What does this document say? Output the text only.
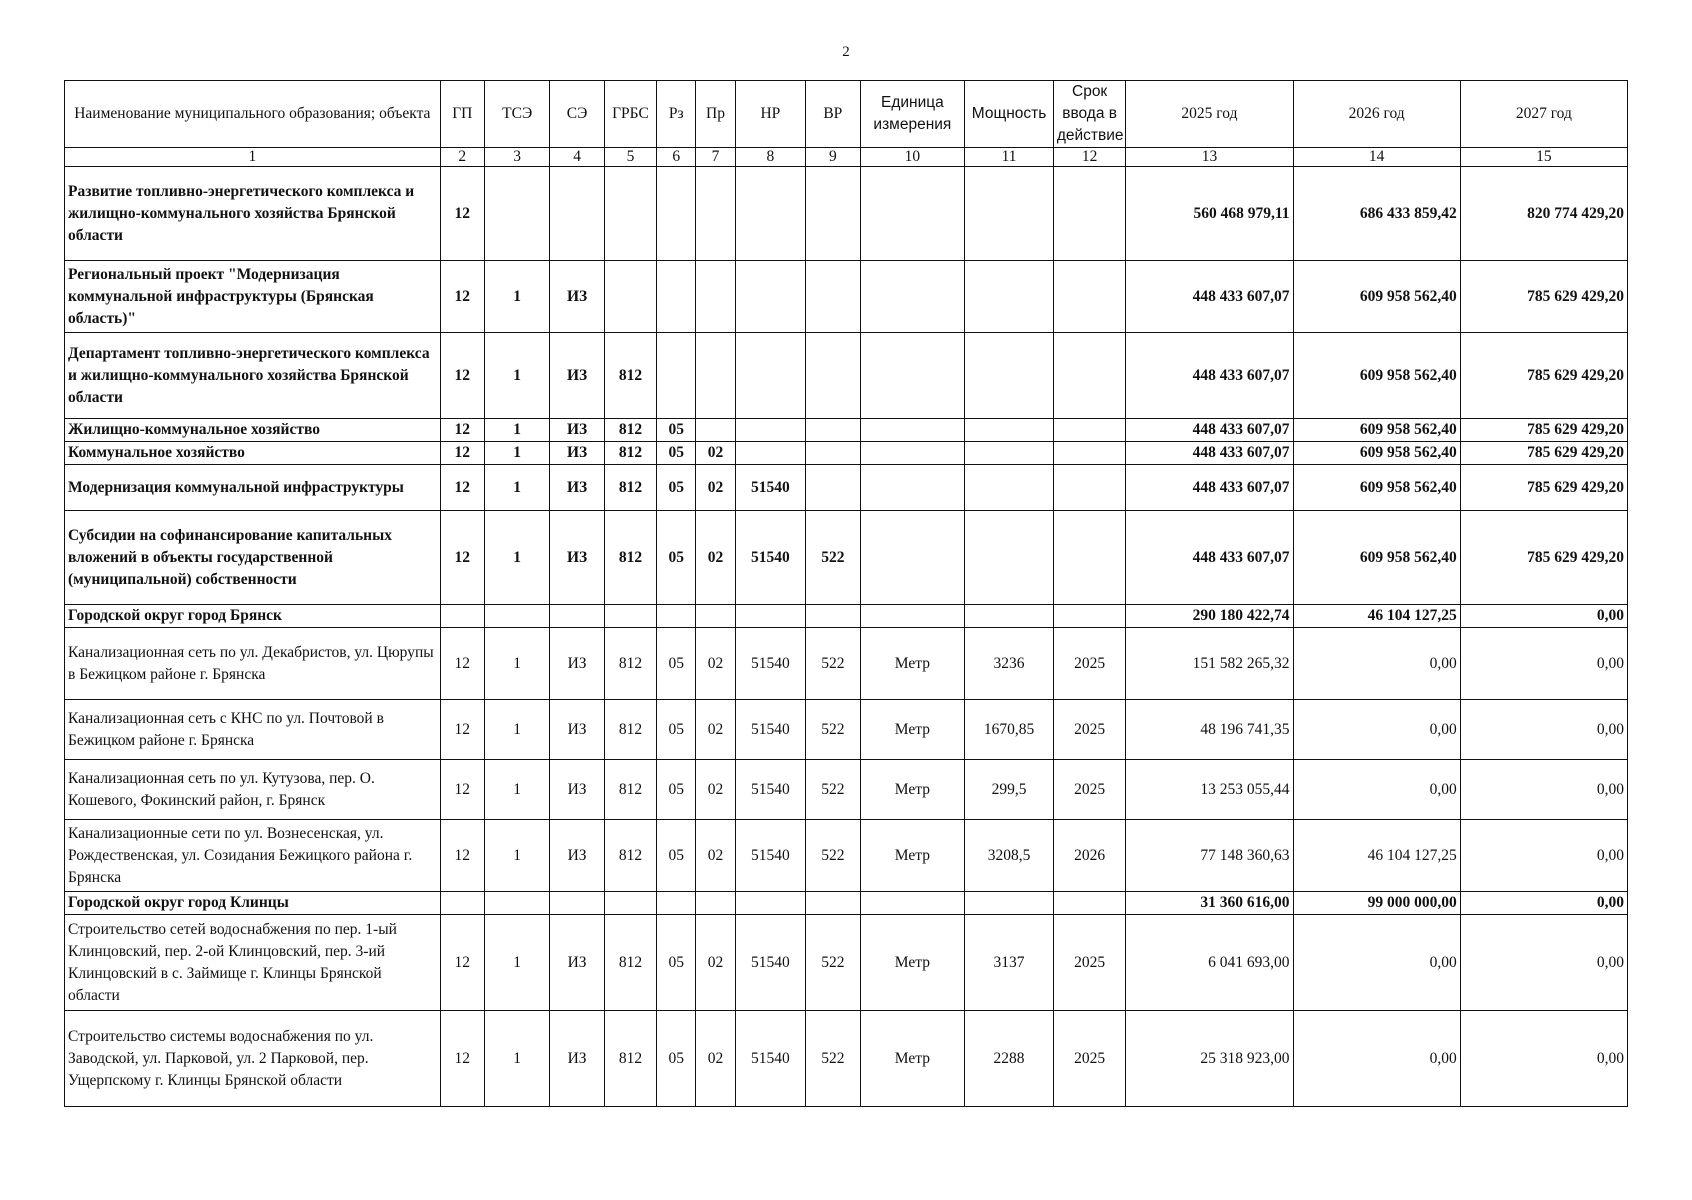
2
Наименование муниципального образования; объекта	ГП	ТСЭ	СЭ	ГРБС	Рз	Пр	НР	ВР	Единица измерения	Мощность	Срок ввода в действие	2025 год	2026 год	2027 год
1	2	3	4	5	6	7	8	9	10	11	12	13	14	15
Развитие топливно-энергетического комплекса и жилищно-коммунального хозяйства Брянской области	12											560 468 979,11	686 433 859,42	820 774 429,20
Региональный проект "Модернизация коммунальной инфраструктуры (Брянская область)"	12	1	ИЗ									448 433 607,07	609 958 562,40	785 629 429,20
Департамент топливно-энергетического комплекса и жилищно-коммунального хозяйства Брянской области	12	1	ИЗ	812								448 433 607,07	609 958 562,40	785 629 429,20
Жилищно-коммунальное хозяйство	12	1	ИЗ	812	05							448 433 607,07	609 958 562,40	785 629 429,20
Коммунальное хозяйство	12	1	ИЗ	812	05	02						448 433 607,07	609 958 562,40	785 629 429,20
Модернизация коммунальной инфраструктуры	12	1	ИЗ	812	05	02	51540					448 433 607,07	609 958 562,40	785 629 429,20
Субсидии на софинансирование капитальных вложений в объекты государственной (муниципальной) собственности	12	1	ИЗ	812	05	02	51540	522				448 433 607,07	609 958 562,40	785 629 429,20
Городской округ город Брянск												290 180 422,74	46 104 127,25	0,00
Канализационная сеть по ул. Декабристов, ул. Цюрупы в Бежицком районе г. Брянска	12	1	ИЗ	812	05	02	51540	522	Метр	3236	2025	151 582 265,32	0,00	0,00
Канализационная сеть с КНС по ул. Почтовой в Бежицком районе г. Брянска	12	1	ИЗ	812	05	02	51540	522	Метр	1670,85	2025	48 196 741,35	0,00	0,00
Канализационная сеть по ул. Кутузова, пер. О. Кошевого, Фокинский район, г. Брянск	12	1	ИЗ	812	05	02	51540	522	Метр	299,5	2025	13 253 055,44	0,00	0,00
Канализационные сети по ул. Вознесенская, ул. Рождественская, ул. Созидания Бежицкого района г. Брянска	12	1	ИЗ	812	05	02	51540	522	Метр	3208,5	2026	77 148 360,63	46 104 127,25	0,00
Городской округ город Клинцы												31 360 616,00	99 000 000,00	0,00
Строительство сетей водоснабжения по пер. 1-ый Клинцовский, пер. 2-ой Клинцовский, пер. 3-ий Клинцовский в с. Займище г. Клинцы Брянской области	12	1	ИЗ	812	05	02	51540	522	Метр	3137	2025	6 041 693,00	0,00	0,00
Строительство системы водоснабжения по ул. Заводской, ул. Парковой, ул. 2 Парковой, пер. Ущерпскому г. Клинцы Брянской области	12	1	ИЗ	812	05	02	51540	522	Метр	2288	2025	25 318 923,00	0,00	0,00
